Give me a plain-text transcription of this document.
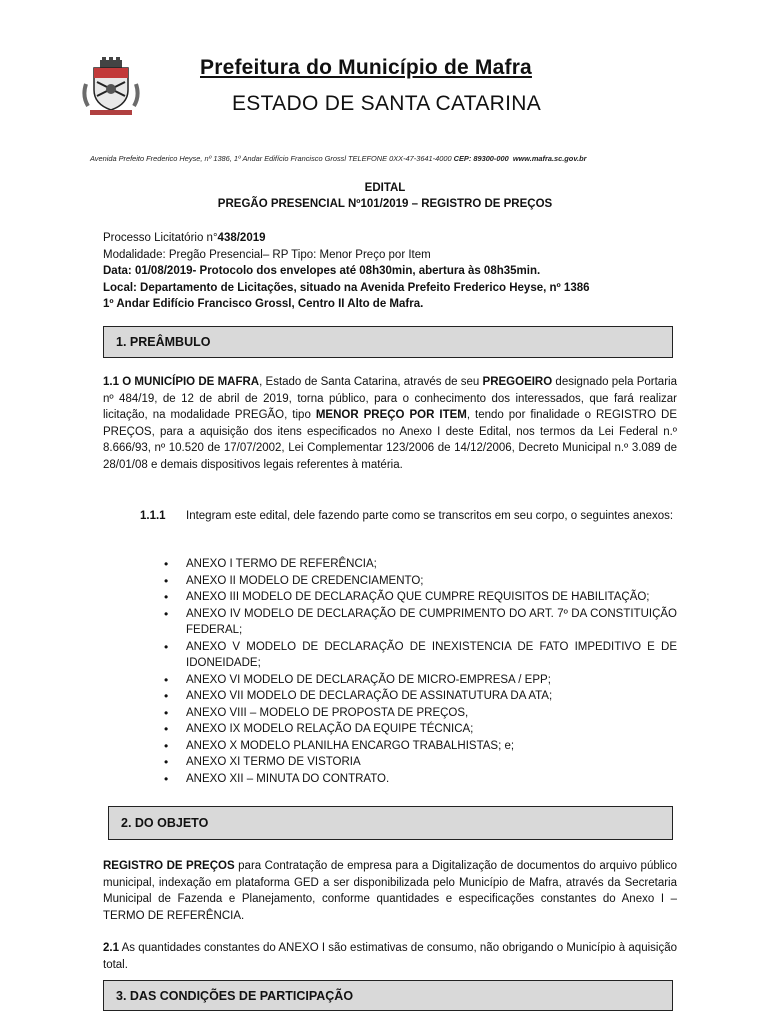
Prefeitura do Município de Mafra
ESTADO DE SANTA CATARINA
Avenida Prefeito Frederico Heyse, nº 1386, 1º Andar Edifício Francisco Grossl TELEFONE 0XX-47-3641-4000 CEP: 89300-000 www.mafra.sc.gov.br
EDITAL
PREGÃO PRESENCIAL Nº101/2019 – REGISTRO DE PREÇOS
Processo Licitatório n°438/2019
Modalidade: Pregão Presencial– RP Tipo: Menor Preço por Item
Data: 01/08/2019- Protocolo dos envelopes até 08h30min, abertura às 08h35min.
Local: Departamento de Licitações, situado na Avenida Prefeito Frederico Heyse, nº 1386
1º Andar Edifício Francisco Grossl, Centro II Alto de Mafra.
1. PREÂMBULO
1.1 O MUNICÍPIO DE MAFRA, Estado de Santa Catarina, através de seu PREGOEIRO designado pela Portaria nº 484/19, de 12 de abril de 2019, torna público, para o conhecimento dos interessados, que fará realizar licitação, na modalidade PREGÃO, tipo MENOR PREÇO POR ITEM, tendo por finalidade o REGISTRO DE PREÇOS, para a aquisição dos itens especificados no Anexo I deste Edital, nos termos da Lei Federal n.º 8.666/93, nº 10.520 de 17/07/2002, Lei Complementar 123/2006 de 14/12/2006, Decreto Municipal n.º 3.089 de 28/01/08 e demais dispositivos legais referentes à matéria.
1.1.1 Integram este edital, dele fazendo parte como se transcritos em seu corpo, o seguintes anexos:
• ANEXO I TERMO DE REFERÊNCIA;
• ANEXO II MODELO DE CREDENCIAMENTO;
• ANEXO III MODELO DE DECLARAÇÃO QUE CUMPRE REQUISITOS DE HABILITAÇÃO;
• ANEXO IV MODELO DE DECLARAÇÃO DE CUMPRIMENTO DO ART. 7º DA CONSTITUIÇÃO FEDERAL;
• ANEXO V MODELO DE DECLARAÇÃO DE INEXISTENCIA DE FATO IMPEDITIVO E DE IDONEIDADE;
• ANEXO VI MODELO DE DECLARAÇÃO DE MICRO-EMPRESA / EPP;
• ANEXO VII MODELO DE DECLARAÇÃO DE ASSINATUTURA DA ATA;
• ANEXO VIII – MODELO DE PROPOSTA DE PREÇOS,
• ANEXO IX MODELO RELAÇÃO DA EQUIPE TÉCNICA;
• ANEXO X MODELO PLANILHA ENCARGO TRABALHISTAS; e;
• ANEXO XI TERMO DE VISTORIA
• ANEXO XII – MINUTA DO CONTRATO.
2. DO OBJETO
REGISTRO DE PREÇOS para Contratação de empresa para a Digitalização de documentos do arquivo público municipal, indexação em plataforma GED a ser disponibilizada pelo Município de Mafra, através da Secretaria Municipal de Fazenda e Planejamento, conforme quantidades e especificações constantes do Anexo I – TERMO DE REFERÊNCIA.
2.1 As quantidades constantes do ANEXO I são estimativas de consumo, não obrigando o Município à aquisição total.
3. DAS CONDIÇÕES DE PARTICIPAÇÃO
